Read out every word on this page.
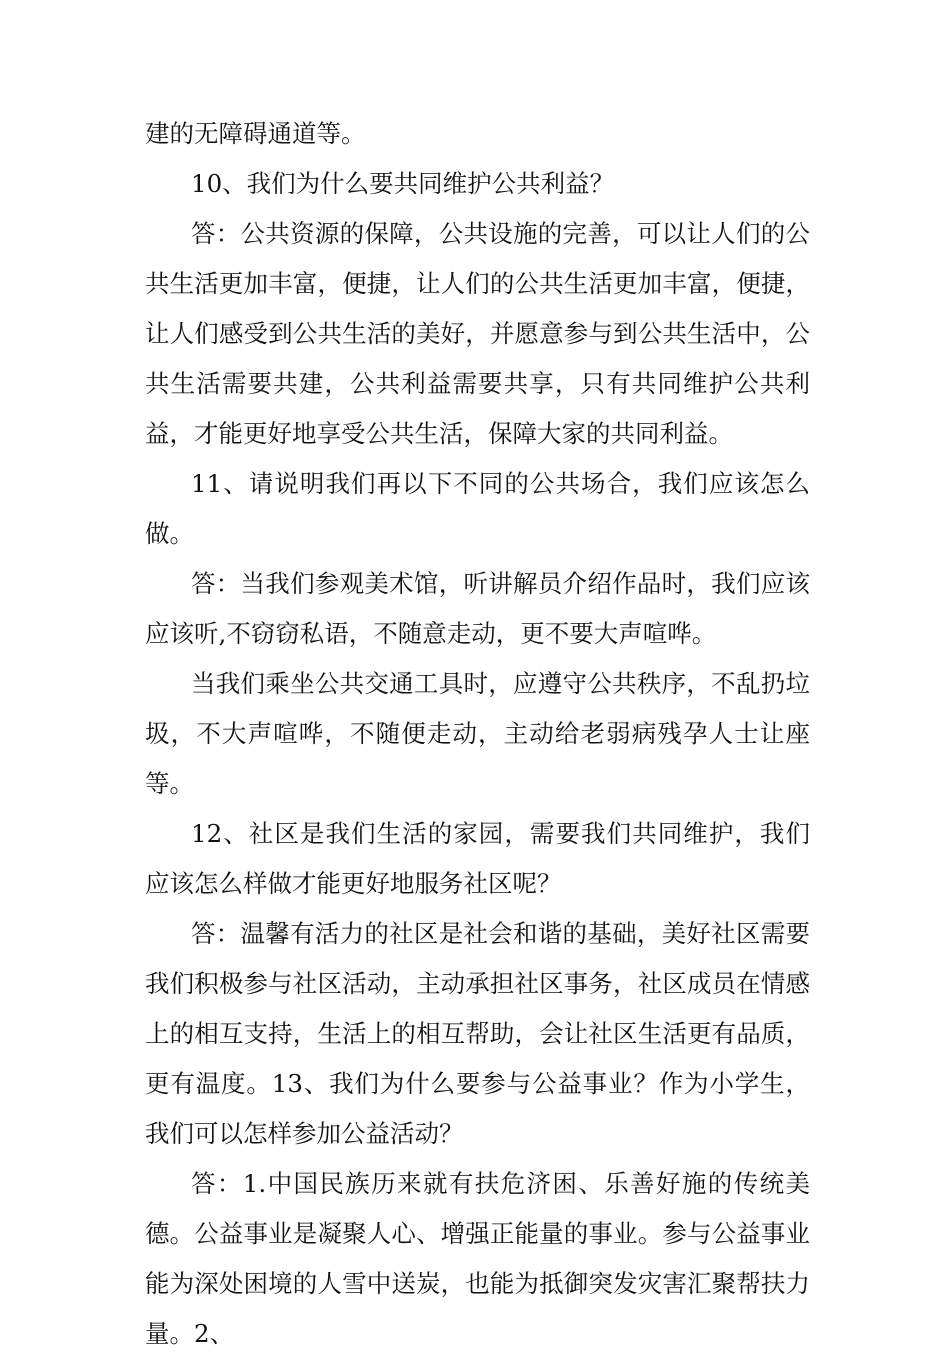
建的无障碍通道等。

10、我们为什么要共同维护公共利益？

答：公共资源的保障，公共设施的完善，可以让人们的公共生活更加丰富，便捷，让人们的公共生活更加丰富，便捷，让人们感受到公共生活的美好，并愿意参与到公共生活中，公共生活需要共建，公共利益需要共享，只有共同维护公共利益，才能更好地享受公共生活，保障大家的共同利益。

11、请说明我们再以下不同的公共场合，我们应该怎么做。

答：当我们参观美术馆，听讲解员介绍作品时，我们应该应该听,不窃窃私语，不随意走动，更不要大声喧哗。

当我们乘坐公共交通工具时，应遵守公共秩序，不乱扔垃圾，不大声喧哗，不随便走动，主动给老弱病残孕人士让座等。

12、社区是我们生活的家园，需要我们共同维护，我们应该怎么样做才能更好地服务社区呢？

答：温馨有活力的社区是社会和谐的基础，美好社区需要我们积极参与社区活动，主动承担社区事务，社区成员在情感上的相互支持，生活上的相互帮助，会让社区生活更有品质，更有温度。13、我们为什么要参与公益事业？作为小学生，我们可以怎样参加公益活动？

答：1.中国民族历来就有扶危济困、乐善好施的传统美德。公益事业是凝聚人心、增强正能量的事业。参与公益事业能为深处困境的人雪中送炭，也能为抵御突发灾害汇聚帮扶力量。2、
